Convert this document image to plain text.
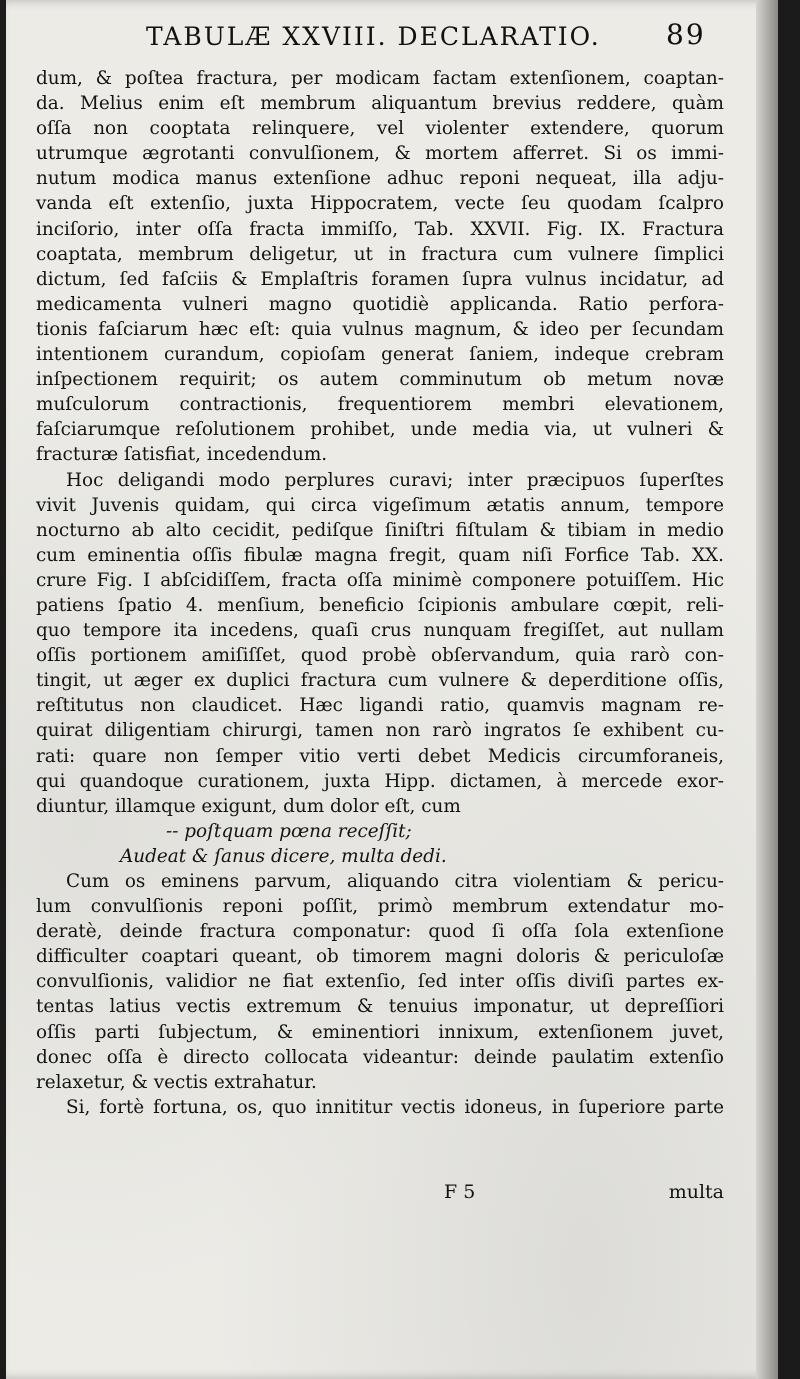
TABULÆ XXVIII. DECLARATIO. 89
dum, & poſtea fractura, per modicam factam extenſionem, coaptan-
da. Melius enim eſt membrum aliquantum brevius reddere, quàm
oſſa non cooptata relinquere, vel violenter extendere, quorum
utrumque ægrotanti convulſionem, & mortem afferret. Si os immi-
nutum modica manus extenſione adhuc reponi nequeat, illa adju-
vanda eſt extenſio, juxta Hippocratem, vecte ſeu quodam ſcalpro
inciſorio, inter oſſa fracta immiſſo, Tab. XXVII. Fig. IX. Fractura
coaptata, membrum deligetur, ut in fractura cum vulnere ſimplici
dictum, ſed faſciis & Emplaſtris foramen ſupra vulnus incidatur, ad
medicamenta vulneri magno quotidiè applicanda. Ratio perfora-
tionis faſciarum hæc eſt: quia vulnus magnum, & ideo per ſecundam
intentionem curandum, copioſam generat ſaniem, indeque crebram
inſpectionem requirit; os autem comminutum ob metum novæ
muſculorum contractionis, frequentiorem membri elevationem,
faſciarumque reſolutionem prohibet, unde media via, ut vulneri &
fracturæ ſatisfiat, incedendum.
Hoc deligandi modo perplures curavi; inter præcipuos ſuperſtes
vivit Juvenis quidam, qui circa vigeſimum ætatis annum, tempore
nocturno ab alto cecidit, pediſque ſiniſtri fiſtulam & tibiam in medio
cum eminentia oſſis fibulæ magna fregit, quam niſi Forfice Tab. XX.
crure Fig. I abſcidiſſem, fracta oſſa minimè componere potuiſſem. Hic
patiens ſpatio 4. menſium, beneficio ſcipionis ambulare cœpit, reli-
quo tempore ita incedens, quaſi crus nunquam fregiſſet, aut nullam
oſſis portionem amiſiſſet, quod probè obſervandum, quia rarò con-
tingit, ut æger ex duplici fractura cum vulnere & deperditione oſſis,
reſtitutus non claudicet. Hæc ligandi ratio, quamvis magnam re-
quirat diligentiam chirurgi, tamen non rarò ingratos ſe exhibent cu-
rati: quare non ſemper vitio verti debet Medicis circumforaneis,
qui quandoque curationem, juxta Hipp. dictamen, à mercede exor-
diuntur, illamque exigunt, dum dolor eſt, cum
-- poſtquam pœna receſſit;
Audeat & ſanus dicere, multa dedi.
Cum os eminens parvum, aliquando citra violentiam & pericu-
lum convulſionis reponi poſſit, primò membrum extendatur mo-
deratè, deinde fractura componatur: quod ſi oſſa ſola extenſione
difficulter coaptari queant, ob timorem magni doloris & periculoſæ
convulſionis, validior ne fiat extenſio, ſed inter oſſis diviſi partes ex-
tentas latius vectis extremum & tenuius imponatur, ut depreſſiori
oſſis parti ſubjectum, & eminentiori innixum, extenſionem juvet,
donec oſſa è directo collocata videantur: deinde paulatim extenſio
relaxetur, & vectis extrahatur.
Si, fortè fortuna, os, quo innititur vectis idoneus, in ſuperiore parte
F 5	multa
